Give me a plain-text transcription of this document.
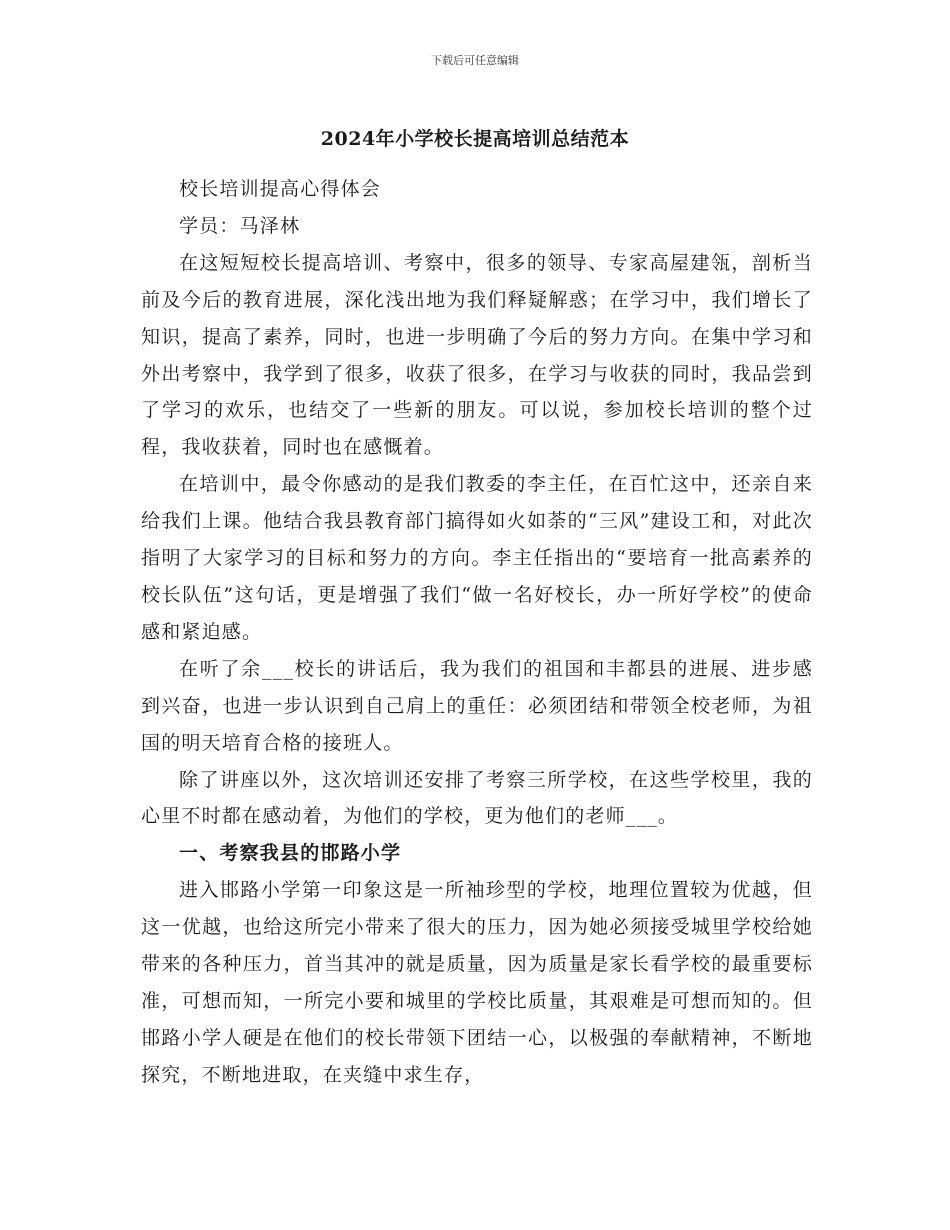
下载后可任意编辑
2024年小学校长提高培训总结范本

校长培训提高心得体会

学员：马泽林

在这短短校长提高培训、考察中，很多的领导、专家高屋建瓴，剖析当前及今后的教育进展，深化浅出地为我们释疑解惑；在学习中，我们增长了知识，提高了素养，同时，也进一步明确了今后的努力方向。在集中学习和外出考察中，我学到了很多，收获了很多，在学习与收获的同时，我品尝到了学习的欢乐，也结交了一些新的朋友。可以说，参加校长培训的整个过程，我收获着，同时也在感慨着。

在培训中，最令你感动的是我们教委的李主任，在百忙这中，还亲自来给我们上课。他结合我县教育部门搞得如火如荼的“三风”建设工和，对此次指明了大家学习的目标和努力的方向。李主任指出的“要培育一批高素养的校长队伍”这句话，更是增强了我们“做一名好校长，办一所好学校”的使命感和紧迫感。

在听了余___校长的讲话后，我为我们的祖国和丰都县的进展、进步感到兴奋，也进一步认识到自己肩上的重任：必须团结和带领全校老师，为祖国的明天培育合格的接班人。

除了讲座以外，这次培训还安排了考察三所学校，在这些学校里，我的心里不时都在感动着，为他们的学校，更为他们的老师___。

一、考察我县的邯路小学

进入邯路小学第一印象这是一所袖珍型的学校，地理位置较为优越，但这一优越，也给这所完小带来了很大的压力，因为她必须接受城里学校给她带来的各种压力，首当其冲的就是质量，因为质量是家长看学校的最重要标准，可想而知，一所完小要和城里的学校比质量，其艰难是可想而知的。但邯路小学人硬是在他们的校长带领下团结一心，以极强的奉献精神，不断地探究，不断地进取，在夹缝中求生存，
